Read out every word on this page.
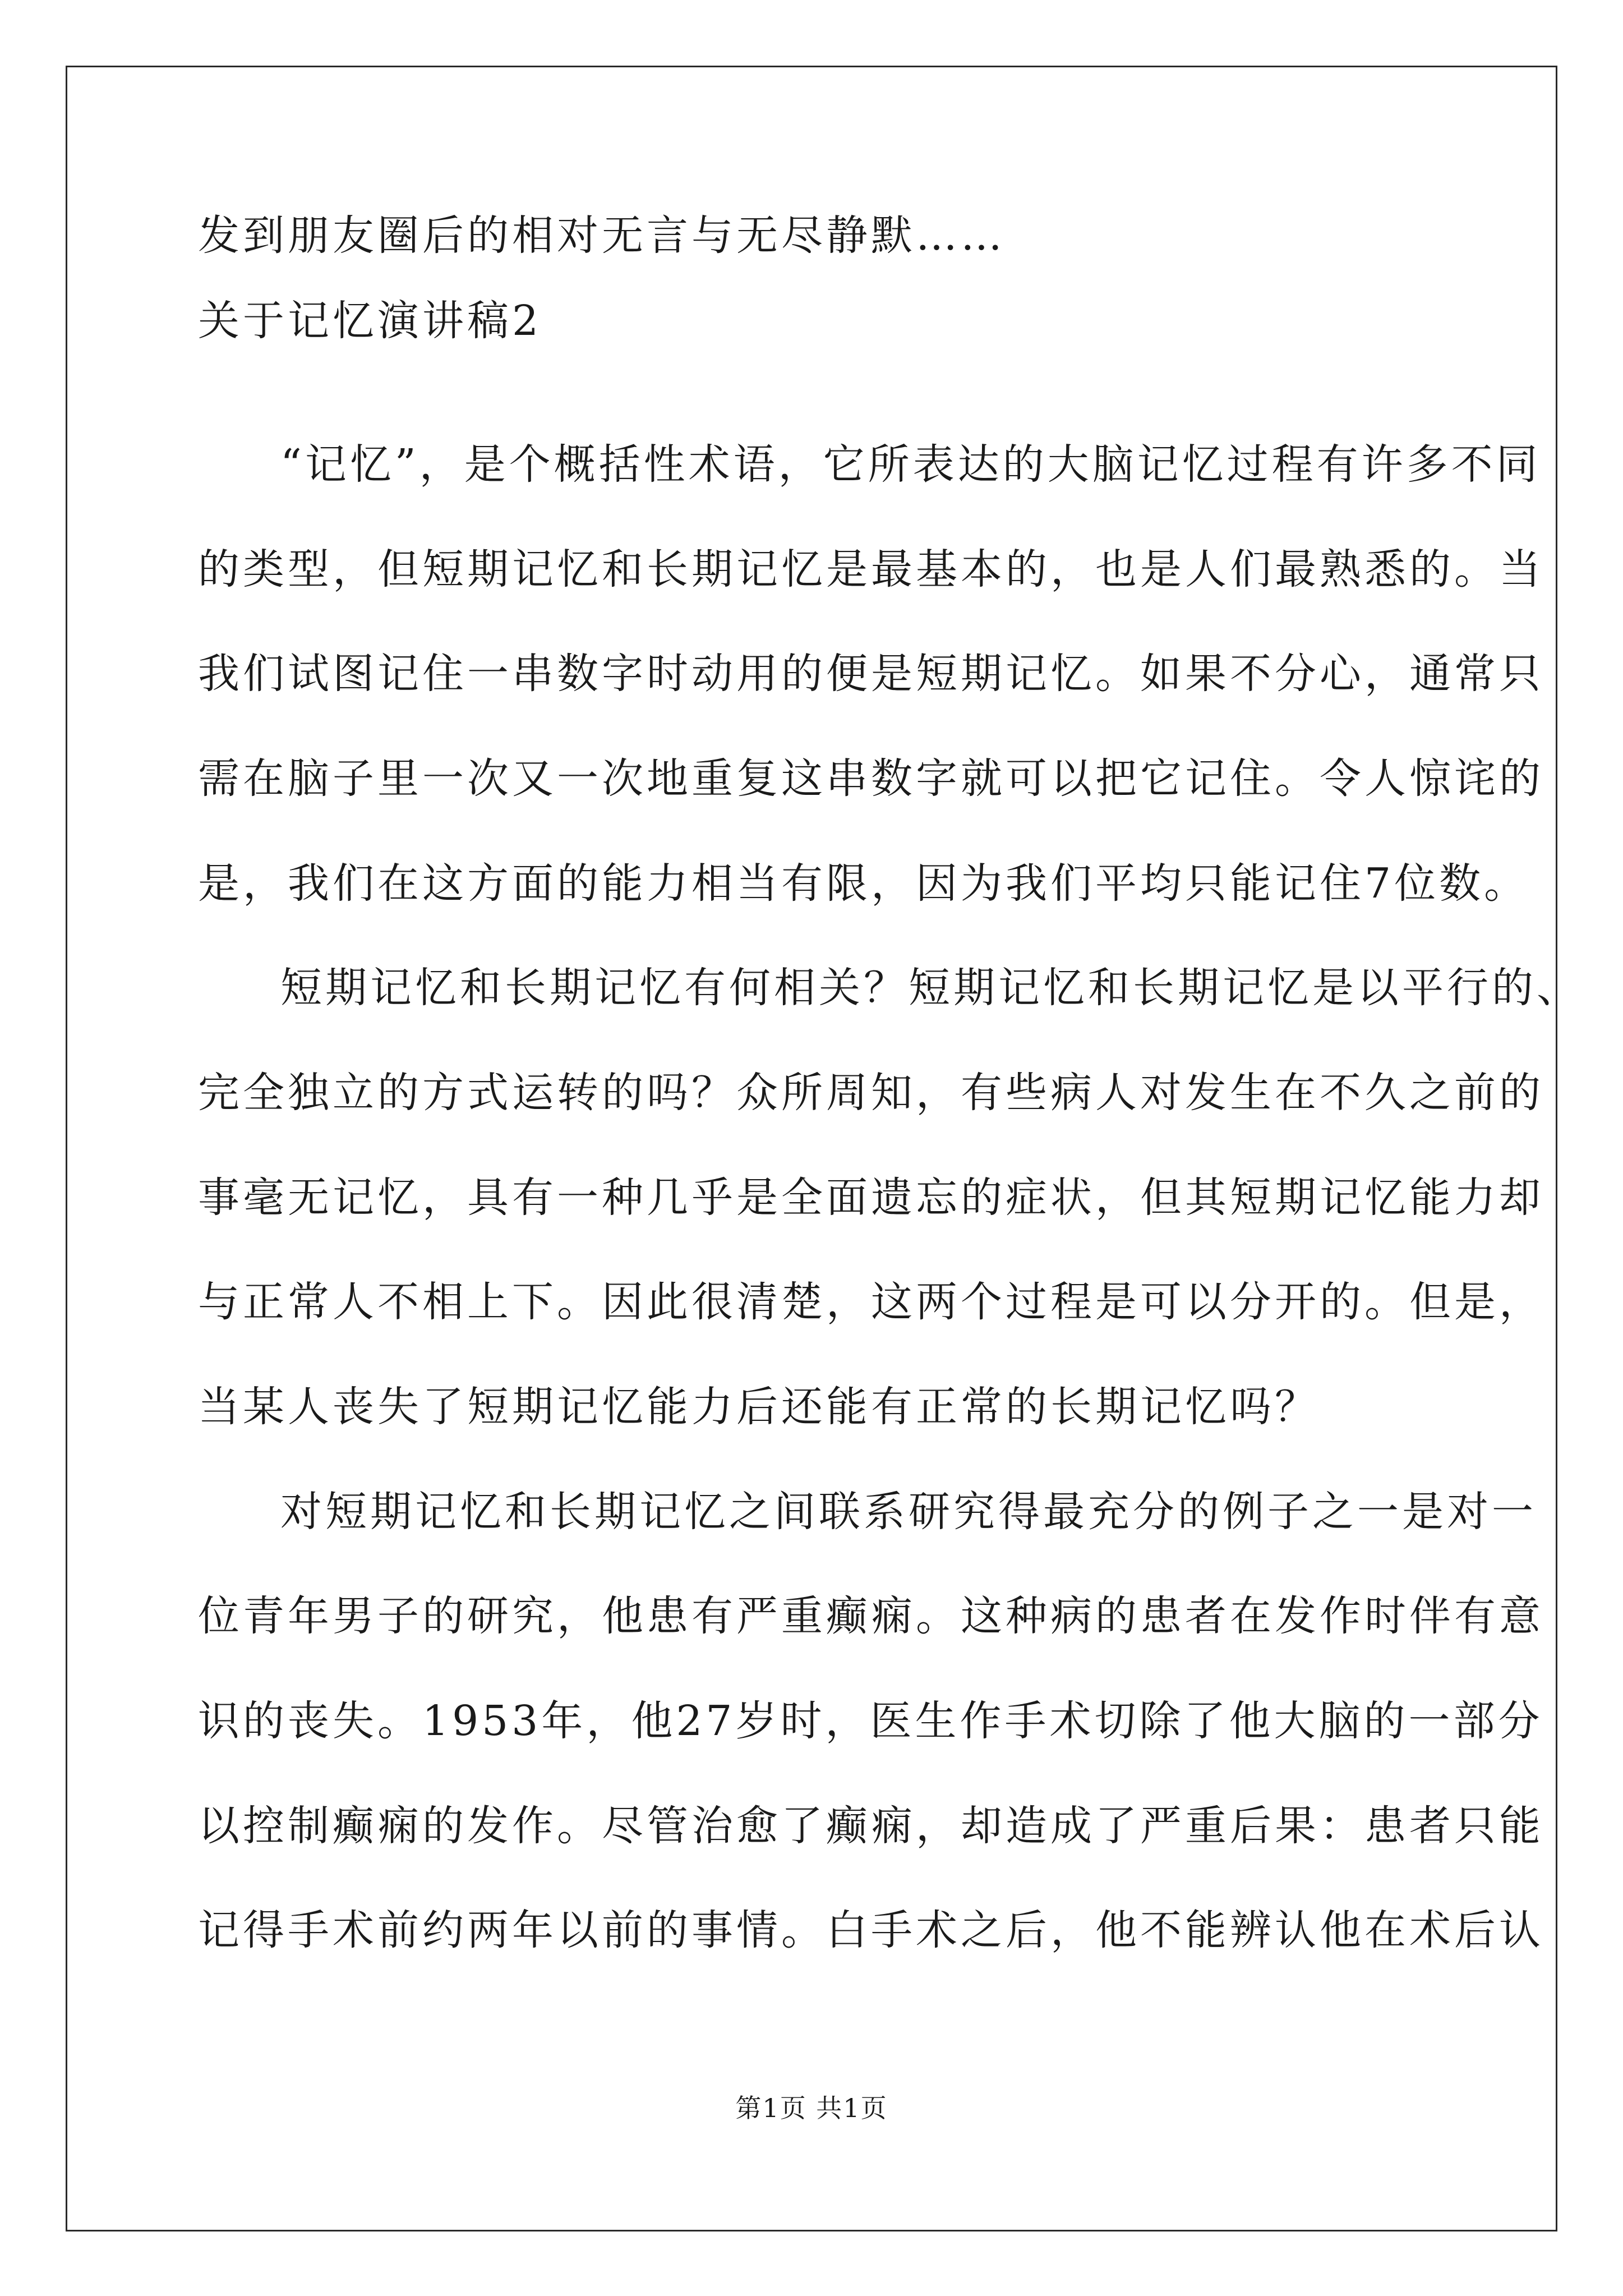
发到朋友圈后的相对无言与无尽静默……
关于记忆演讲稿2
“记忆”，是个概括性术语，它所表达的大脑记忆过程有许多不同
的类型，但短期记忆和长期记忆是最基本的，也是人们最熟悉的。当
我们试图记住一串数字时动用的便是短期记忆。如果不分心，通常只
需在脑子里一次又一次地重复这串数字就可以把它记住。令人惊诧的
是，我们在这方面的能力相当有限，因为我们平均只能记住7位数。
短期记忆和长期记忆有何相关？短期记忆和长期记忆是以平行的、
完全独立的方式运转的吗？众所周知，有些病人对发生在不久之前的
事毫无记忆，具有一种几乎是全面遗忘的症状，但其短期记忆能力却
与正常人不相上下。因此很清楚，这两个过程是可以分开的。但是，
当某人丧失了短期记忆能力后还能有正常的长期记忆吗？
对短期记忆和长期记忆之间联系研究得最充分的例子之一是对一
位青年男子的研究，他患有严重癫痫。这种病的患者在发作时伴有意
识的丧失。1953年，他27岁时，医生作手术切除了他大脑的一部分
以控制癫痫的发作。尽管治愈了癫痫，却造成了严重后果：患者只能
记得手术前约两年以前的事情。白手术之后，他不能辨认他在术后认
第1页 共1页
